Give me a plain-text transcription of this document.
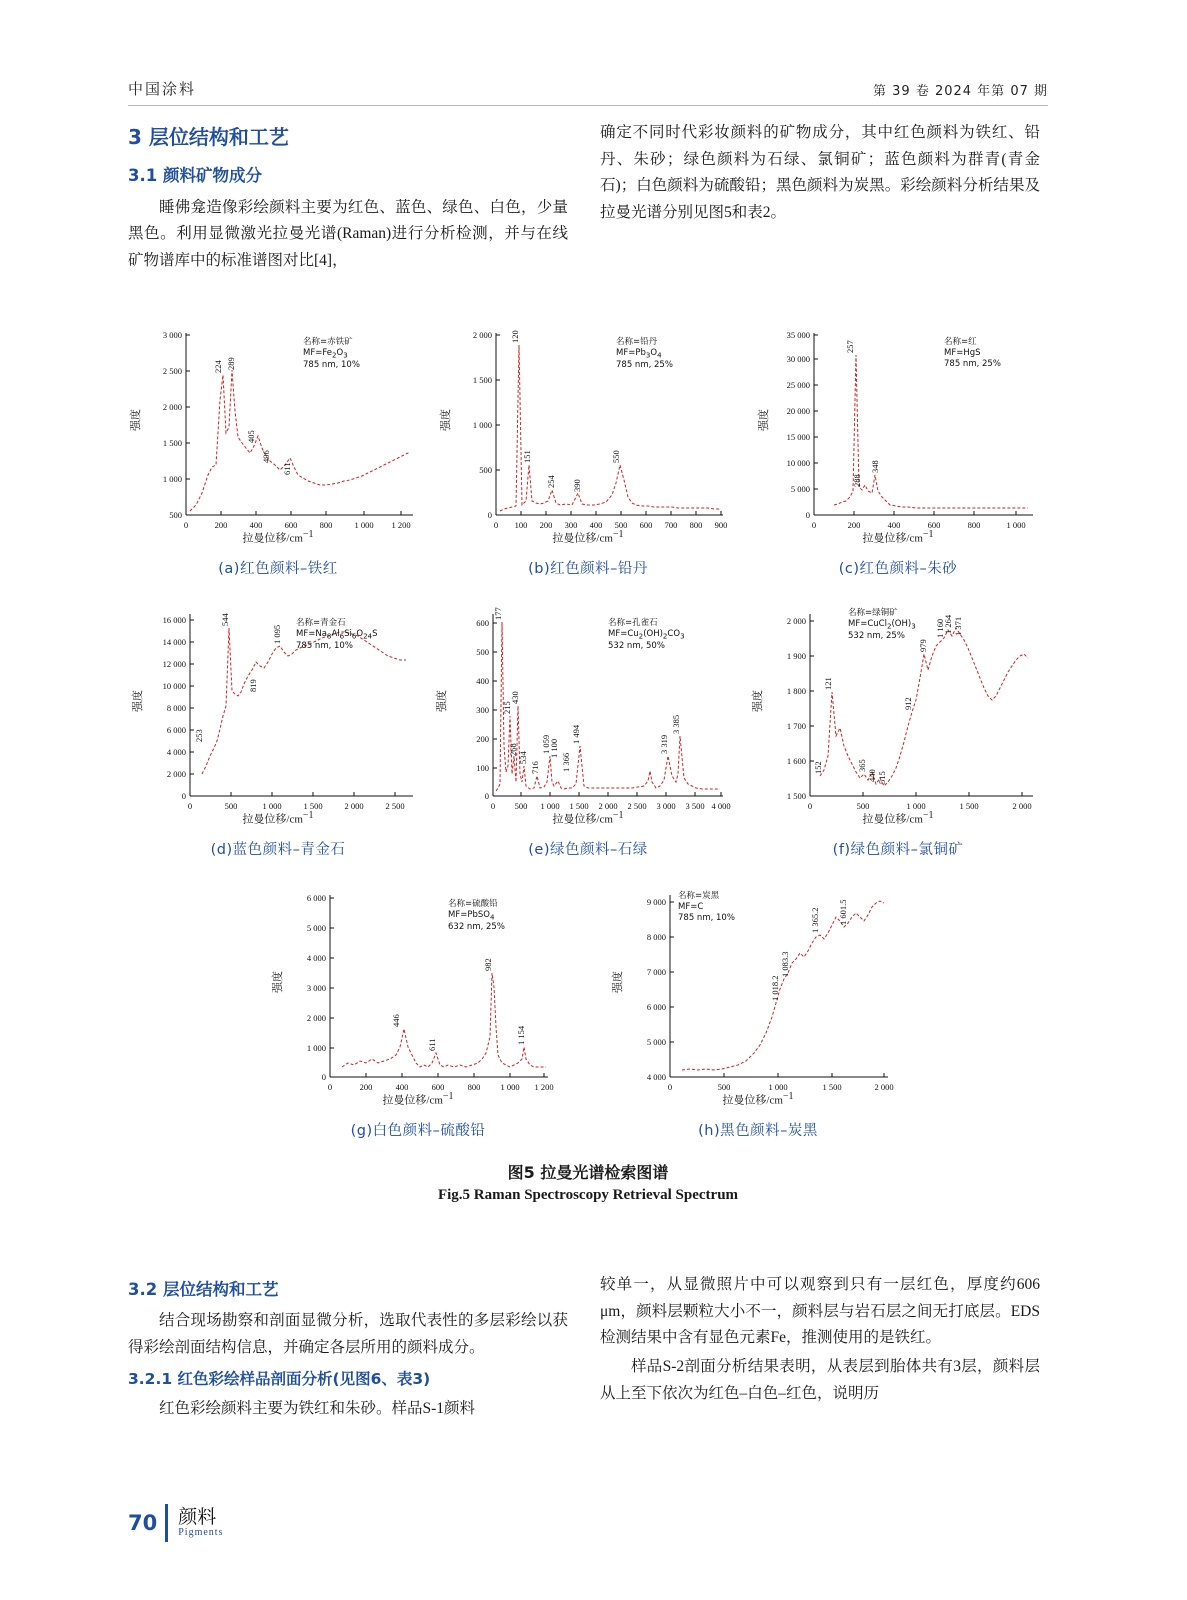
中国涂料	第 39 卷 2024 年第 07 期
3 层位结构和工艺
3.1 颜料矿物成分

睡佛龛造像彩绘颜料主要为红色、蓝色、绿色、白色，少量黑色。利用显微激光拉曼光谱(Raman)进行分析检测，并与在线矿物谱库中的标准谱图对比[4]，

确定不同时代彩妆颜料的矿物成分，其中红色颜料为铁红、铅丹、朱砂；绿色颜料为石绿、氯铜矿；蓝色颜料为群青(青金石)；白色颜料为硫酸铅；黑色颜料为炭黑。彩绘颜料分析结果及拉曼光谱分别见图5和表2。

500
1 000
1 500
2 000
2 500
3 000
0	200	400	600	800	1 000 1 200
224 289
405
496
611
强度
拉曼位移$/cm^{-1}$
名称=赤铁矿
$MF=Fe_2O_3$
785 nm, 10%
(a)红色颜料–铁红
0
500
1 000
1 500
2 000
0 100 200 300 400 500 600 700 800 900
120
151
254 390
550
强度
拉曼位移$/cm^{-1}$
名称=铅丹
$MF=Pb_3O_4$
785 nm, 25%
(b)红色颜料–铅丹
0
5 000
10 000
15 000
20 000
25 000
30 000
35 000
0	200	400	600	800	1 000
257
288
348
强度
拉曼位移$/cm^{-1}$
名称=红
MF=HgS
785 nm, 25%
(c)红色颜料–朱砂
0
2 000
4 000
6 000
8 000
10 000
12 000
14 000
16 000
0	500	1 000	1 500	2 000	2 500
253
544
819
1 095
强度
拉曼位移$/cm^{-1}$
名称=青金石
$MF=Na_8Al_6Si_6O_{24}S$
785 nm, 10%
(d)蓝色颜料–青金石
0
100
200
300
400
500
600
0 500 1 000 1 500 2 000 2 500 3 000 3 500 4 000
177
215
268
430
534
716
1 059
1 100
1 366
1 494
3 319
3 385
强度
拉曼位移$/cm^{-1}$
名称=孔雀石
$MF=Cu_2(OH)_2CO_3$
532 nm, 50%
(e)绿色颜料–石绿
1 500
1 600
1 700
1 800
1 900
2 000
0	500	1 000	1 500	2 000
152
121
365
440 515
912
979
1 160
1 264 1 371
强度
拉曼位移$/cm^{-1}$
名称=绿铜矿
$MF=CuCl_2(OH)_3$
532 nm, 25%
(f)绿色颜料–氯铜矿
0
1 000
2 000
3 000
4 000
5 000
6 000
0	200	400	600	800 1 000 1 200
446
611
982
1 154
强度
拉曼位移$/cm^{-1}$
名称=硫酸铅
MF=PbSO$_4$
632 nm, 25%
(g)白色颜料–硫酸铅
4 000
5 000
6 000
7 000
8 000
9 000
0	500	1 000	1 500	2 000
1 018.2
1 083.3
1 365.2 1 601.5
强度
拉曼位移$/cm^{-1}$
名称=炭黑
MF=C
785 nm, 10%
(h)黑色颜料–炭黑
图5 拉曼光谱检索图谱
Fig.5 Raman Spectroscopy Retrieval Spectrum
3.2 层位结构和工艺

结合现场勘察和剖面显微分析，选取代表性的多层彩绘以获得彩绘剖面结构信息，并确定各层所用的颜料成分。

3.2.1 红色彩绘样品剖面分析(见图6、表3)

红色彩绘颜料主要为铁红和朱砂。样品S-1颜料

较单一，从显微照片中可以观察到只有一层红色，厚度约606 μm，颜料层颗粒大小不一，颜料层与岩石层之间无打底层。EDS检测结果中含有显色元素Fe，推测使用的是铁红。

样品S-2剖面分析结果表明，从表层到胎体共有3层，颜料层从上至下依次为红色–白色–红色，说明历

70 颜料
Pigments
